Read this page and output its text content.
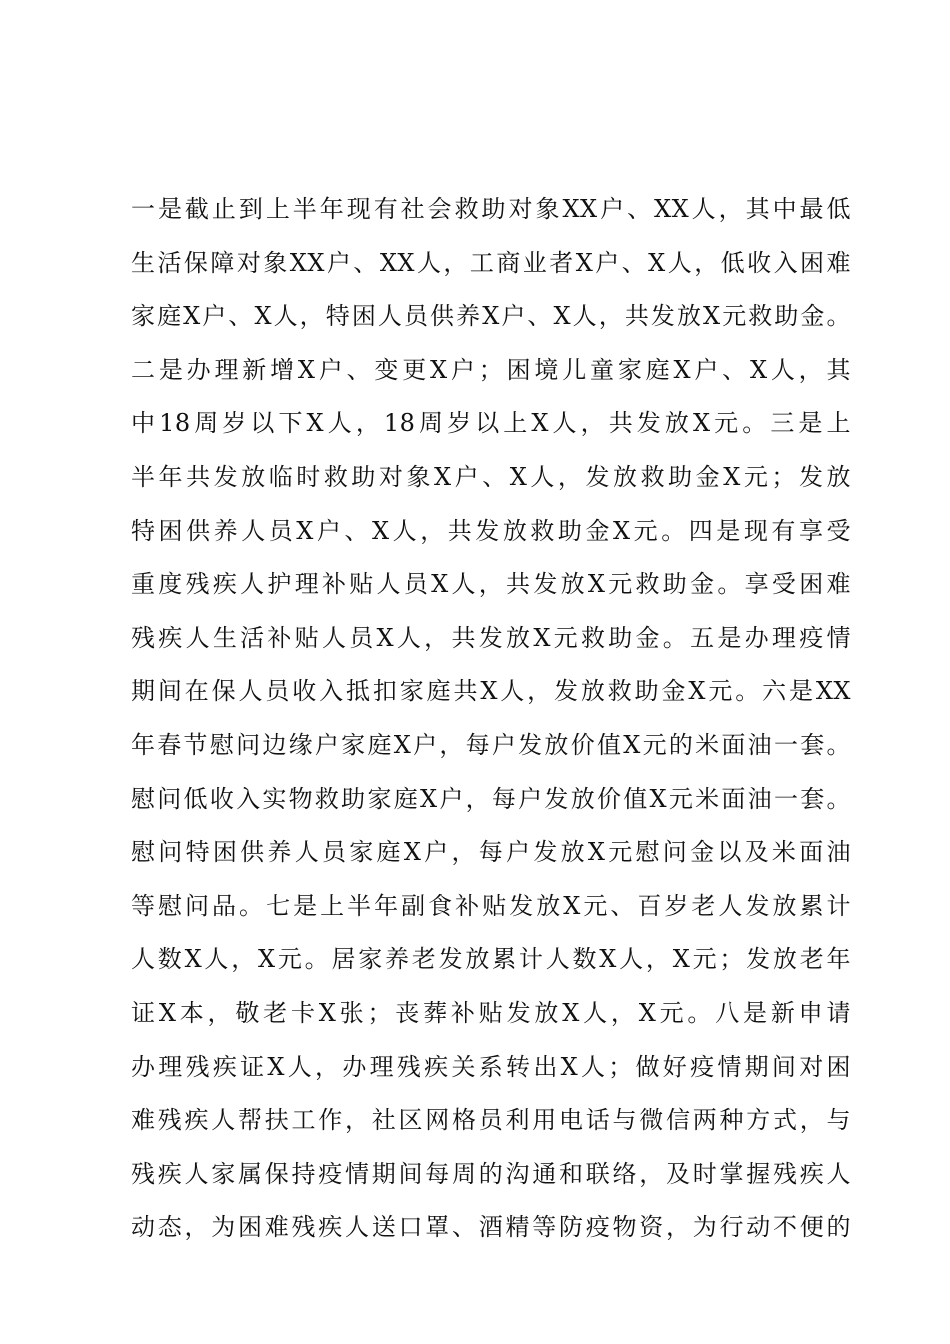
一是截止到上半年现有社会救助对象XX户、XX人，其中最低
生活保障对象XX户、XX人，工商业者X户、X人，低收入困难
家庭X户、X人，特困人员供养X户、X人，共发放X元救助金。
二是办理新增X户、变更X户；困境儿童家庭X户、X人，其
中18周岁以下X人，18周岁以上X人，共发放X元。三是上
半年共发放临时救助对象X户、X人，发放救助金X元；发放
特困供养人员X户、X人，共发放救助金X元。四是现有享受
重度残疾人护理补贴人员X人，共发放X元救助金。享受困难
残疾人生活补贴人员X人，共发放X元救助金。五是办理疫情
期间在保人员收入抵扣家庭共X人，发放救助金X元。六是XX
年春节慰问边缘户家庭X户，每户发放价值X元的米面油一套。
慰问低收入实物救助家庭X户，每户发放价值X元米面油一套。
慰问特困供养人员家庭X户，每户发放X元慰问金以及米面油
等慰问品。七是上半年副食补贴发放X元、百岁老人发放累计
人数X人，X元。居家养老发放累计人数X人，X元；发放老年
证X本，敬老卡X张；丧葬补贴发放X人，X元。八是新申请
办理残疾证X人，办理残疾关系转出X人；做好疫情期间对困
难残疾人帮扶工作，社区网格员利用电话与微信两种方式，与
残疾人家属保持疫情期间每周的沟通和联络，及时掌握残疾人
动态，为困难残疾人送口罩、酒精等防疫物资，为行动不便的
